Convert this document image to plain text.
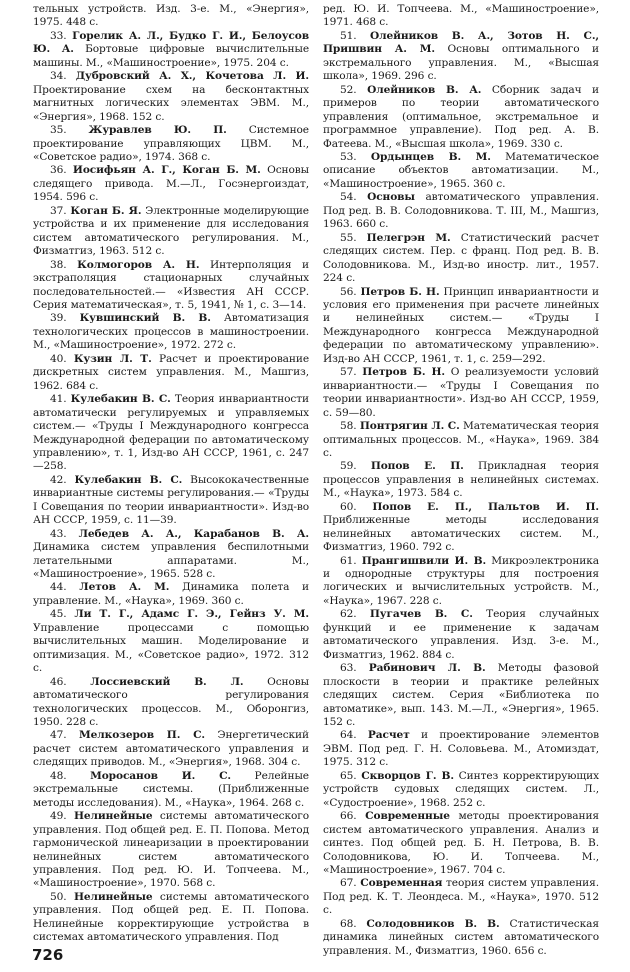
тельных устройств. Изд. 3-е. М., «Энергия», 1975. 448 с.

33. Горелик А. Л., Будко Г. И., Белоусов Ю. А. Бортовые цифровые вычислительные машины. М., «Машиностроение», 1975. 204 с.

34. Дубровский А. Х., Кочетова Л. И. Проектирование схем на бесконтактных магнитных логических элементах ЭВМ. М., «Энергия», 1968. 152 с.

35. Журавлев Ю. П. Системное проектирование управляющих ЦВМ. М., «Советское радио», 1974. 368 с.

36. Иосифьян А. Г., Коган Б. М. Основы следящего привода. М.—Л., Госэнергоиздат, 1954. 596 с.

37. Коган Б. Я. Электронные моделирующие устройства и их применение для исследования систем автоматического регулирования. М., Физматгиз, 1963. 512 с.

38. Колмогоров А. Н. Интерполяция и экстраполяция стационарных случайных последовательностей.— «Известия АН СССР. Серия математическая», т. 5, 1941, № 1, с. 3—14.

39. Кувшинский В. В. Автоматизация технологических процессов в машиностроении. М., «Машиностроение», 1972. 272 с.

40. Кузин Л. Т. Расчет и проектирование дискретных систем управления. М., Машгиз, 1962. 684 с.

41. Кулебакин В. С. Теория инвариантности автоматически регулируемых и управляемых систем.— «Труды I Международного конгресса Международной федерации по автоматическому управлению», т. 1, Изд-во АН СССР, 1961, с. 247—258.

42. Кулебакин В. С. Высококачественные инвариантные системы регулирования.— «Труды I Совещания по теории инвариантности». Изд-во АН СССР, 1959, с. 11—39.

43. Лебедев А. А., Карабанов В. А. Динамика систем управления беспилотными летательными аппаратами. М., «Машиностроение», 1965. 528 с.

44. Летов А. М. Динамика полета и управление. М., «Наука», 1969. 360 с.

45. Ли Т. Г., Адамс Г. Э., Гейнз У. М. Управление процессами с помощью вычислительных машин. Моделирование и оптимизация. М., «Советское радио», 1972. 312 с.

46. Лоссиевский В. Л. Основы автоматического регулирования технологических процессов. М., Оборонгиз, 1950. 228 с.

47. Мелкозеров П. С. Энергетический расчет систем автоматического управления и следящих приводов. М., «Энергия», 1968. 304 с.

48. Моросанов И. С. Релейные экстремальные системы. (Приближенные методы исследования). М., «Наука», 1964. 268 с.

49. Нелинейные системы автоматического управления. Под общей ред. Е. П. Попова. Метод гармонической линеаризации в проектировании нелинейных систем автоматического управления. Под ред. Ю. И. Топчеева. М., «Машиностроение», 1970. 568 с.

50. Нелинейные системы автоматического управления. Под общей ред. Е. П. Попова. Нелинейные корректирующие устройства в системах автоматического управления. Под

ред. Ю. И. Топчеева. М., «Машиностроение», 1971. 468 с.

51. Олейников В. А., Зотов Н. С., Пришвин А. М. Основы оптимального и экстремального управления. М., «Высшая школа», 1969. 296 с.

52. Олейников В. А. Сборник задач и примеров по теории автоматического управления (оптимальное, экстремальное и программное управление). Под ред. А. В. Фатеева. М., «Высшая школа», 1969. 330 с.

53. Ордынцев В. М. Математическое описание объектов автоматизации. М., «Машиностроение», 1965. 360 с.

54. Основы автоматического управления. Под ред. В. В. Солодовникова. Т. III, М., Машгиз, 1963. 660 с.

55. Пелегрэн М. Статистический расчет следящих систем. Пер. с франц. Под ред. В. В. Солодовникова. М., Изд-во иностр. лит., 1957. 224 с.

56. Петров Б. Н. Принцип инвариантности и условия его применения при расчете линейных и нелинейных систем.— «Труды I Международного конгресса Международной федерации по автоматическому управлению». Изд-во АН СССР, 1961, т. 1, с. 259—292.

57. Петров Б. Н. О реализуемости условий инвариантности.— «Труды I Совещания по теории инвариантности». Изд-во АН СССР, 1959, с. 59—80.

58. Понтрягин Л. С. Математическая теория оптимальных процессов. М., «Наука», 1969. 384 с.

59. Попов Е. П. Прикладная теория процессов управления в нелинейных системах. М., «Наука», 1973. 584 с.

60. Попов Е. П., Пальтов И. П. Приближенные методы исследования нелинейных автоматических систем. М., Физматгиз, 1960. 792 с.

61. Прангишвили И. В. Микроэлектроника и однородные структуры для построения логических и вычислительных устройств. М., «Наука», 1967. 228 с.

62. Пугачев В. С. Теория случайных функций и ее применение к задачам автоматического управления. Изд. 3-е. М., Физматгиз, 1962. 884 с.

63. Рабинович Л. В. Методы фазовой плоскости в теории и практике релейных следящих систем. Серия «Библиотека по автоматике», вып. 143. М.—Л., «Энергия», 1965. 152 с.

64. Расчет и проектирование элементов ЭВМ. Под ред. Г. Н. Соловьева. М., Атомиздат, 1975. 312 с.

65. Скворцов Г. В. Синтез корректирующих устройств судовых следящих систем. Л., «Судостроение», 1968. 252 с.

66. Современные методы проектирования систем автоматического управления. Анализ и синтез. Под общей ред. Б. Н. Петрова, В. В. Солодовникова, Ю. И. Топчеева. М., «Машиностроение», 1967. 704 с.

67. Современная теория систем управления. Под ред. К. Т. Леондеса. М., «Наука», 1970. 512 с.

68. Солодовников В. В. Статистическая динамика линейных систем автоматического управления. М., Физматгиз, 1960. 656 с.

726
